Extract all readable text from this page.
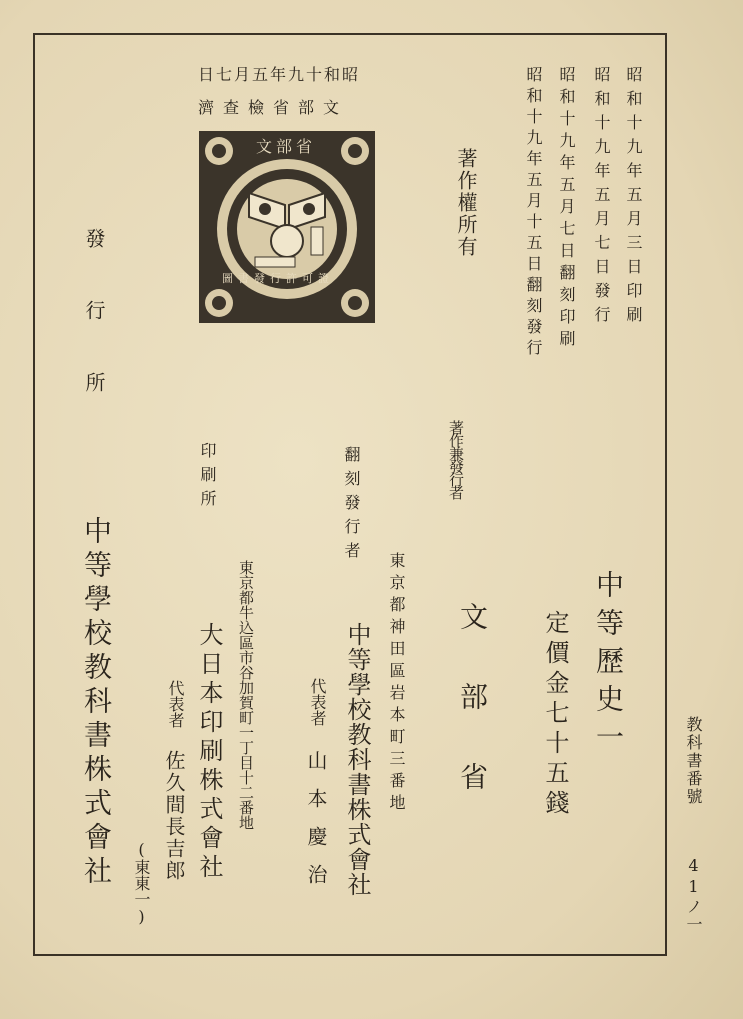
昭和十九年五月七日
文部省檢查濟
文部省
圖書發行許可證	昭和十九年五月三日印刷
昭和十九年五月七日發行
昭和十九年五月七日翻刻印刷
昭和十九年五月十五日翻刻發行
著作權所有
中等歷史一
定價金七十五錢	教科書番號
41ノ一
著作兼發行者
文部省
翻刻發行者
東京都神田區岩本町三番地
中等學校教科書株式會社
代表者
山本慶治
印刷所
東京都牛込區市谷加賀町一丁目十二番地
大日本印刷株式會社
代表者
佐久間長吉郎
(東東一)
發行所
中等學校教科書株式會社
